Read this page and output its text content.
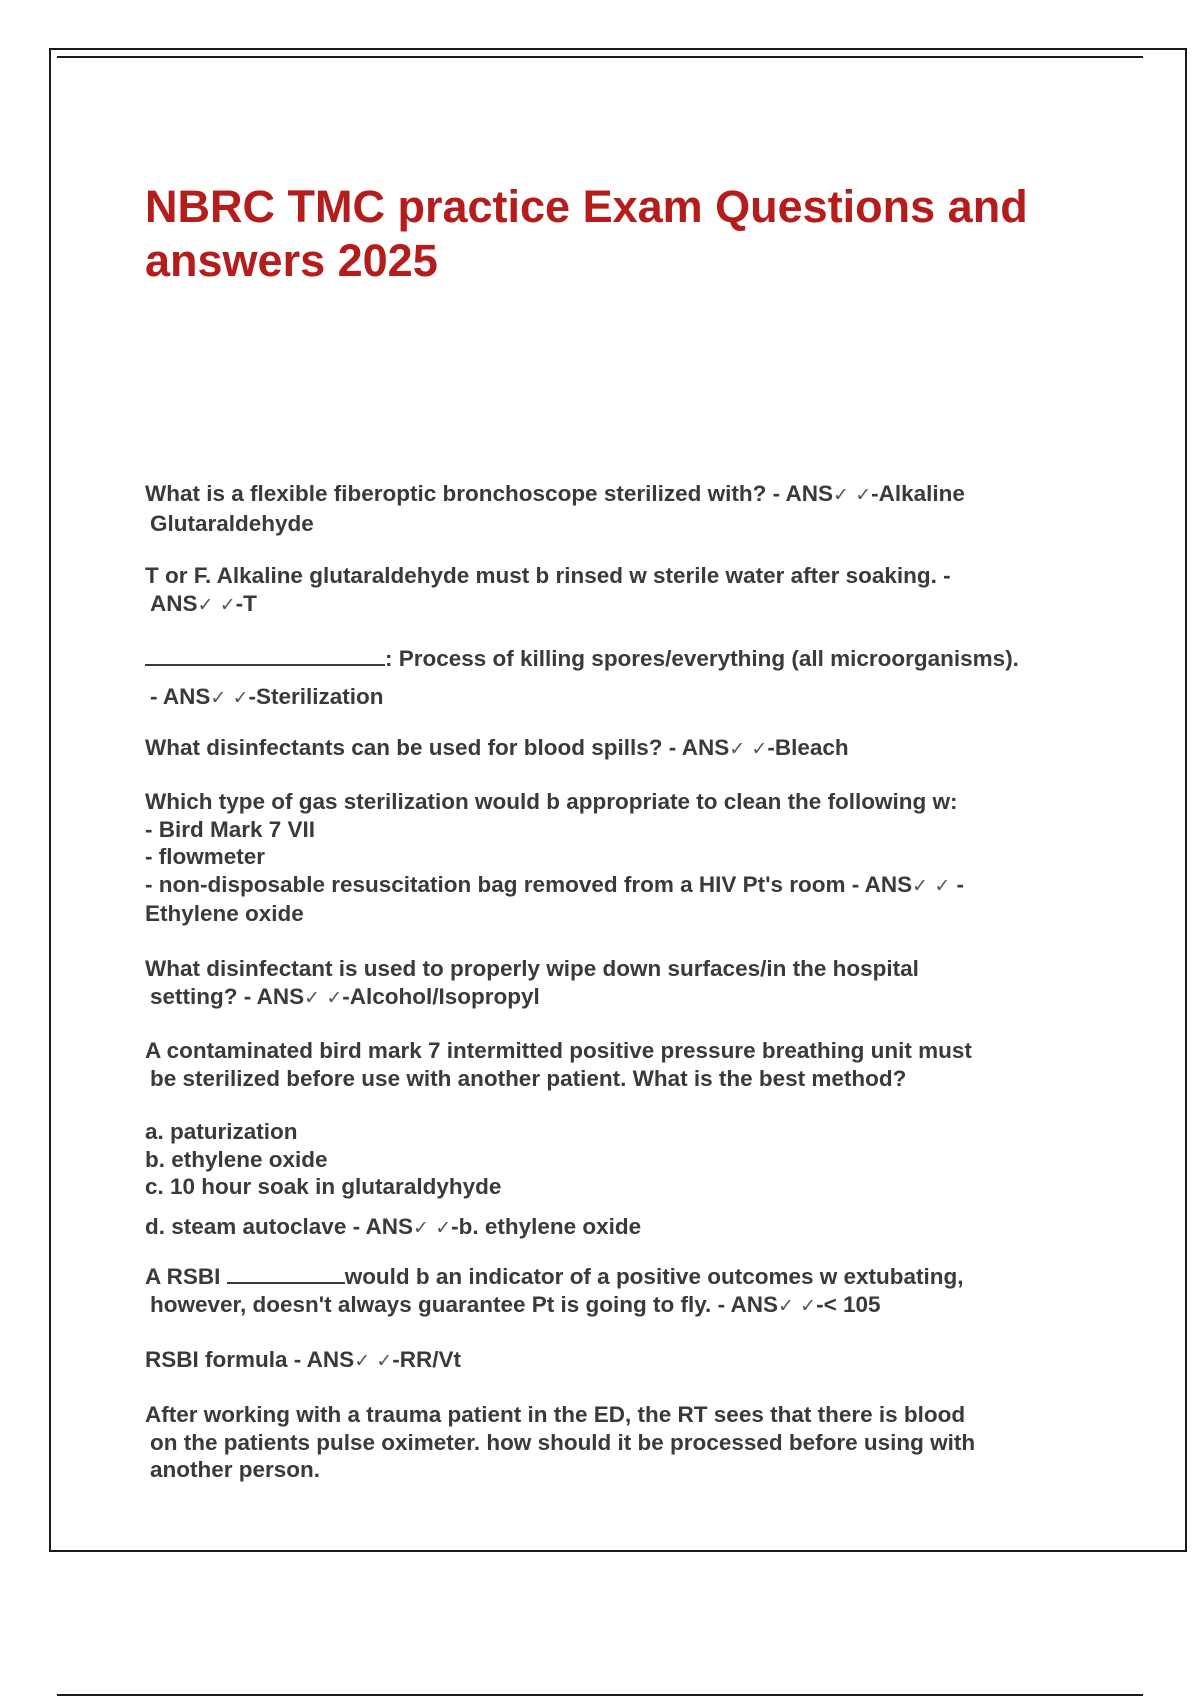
NBRC TMC practice Exam Questions and answers 2025

What is a flexible fiberoptic bronchoscope sterilized with? - ANS✓ ✓-Alkaline
Glutaraldehyde

T or F. Alkaline glutaraldehyde must b rinsed w sterile water after soaking. -
ANS✓ ✓-T

: Process of killing spores/everything (all microorganisms).
- ANS✓ ✓-Sterilization

What disinfectants can be used for blood spills? - ANS✓ ✓-Bleach

Which type of gas sterilization would b appropriate to clean the following w:
- Bird Mark 7 VII
- flowmeter
- non-disposable resuscitation bag removed from a HIV Pt's room - ANS✓ ✓ -
Ethylene oxide

What disinfectant is used to properly wipe down surfaces/in the hospital
setting? - ANS✓ ✓-Alcohol/Isopropyl

A contaminated bird mark 7 intermitted positive pressure breathing unit must
be sterilized before use with another patient. What is the best method?
a. paturization
b. ethylene oxide
c. 10 hour soak in glutaraldyhyde
d. steam autoclave - ANS✓ ✓-b. ethylene oxide

A RSBI	would b an indicator of a positive outcomes w extubating,
however, doesn't always guarantee Pt is going to fly. - ANS✓ ✓-< 105

RSBI formula - ANS✓ ✓-RR/Vt

After working with a trauma patient in the ED, the RT sees that there is blood
on the patients pulse oximeter. how should it be processed before using with
another person.
